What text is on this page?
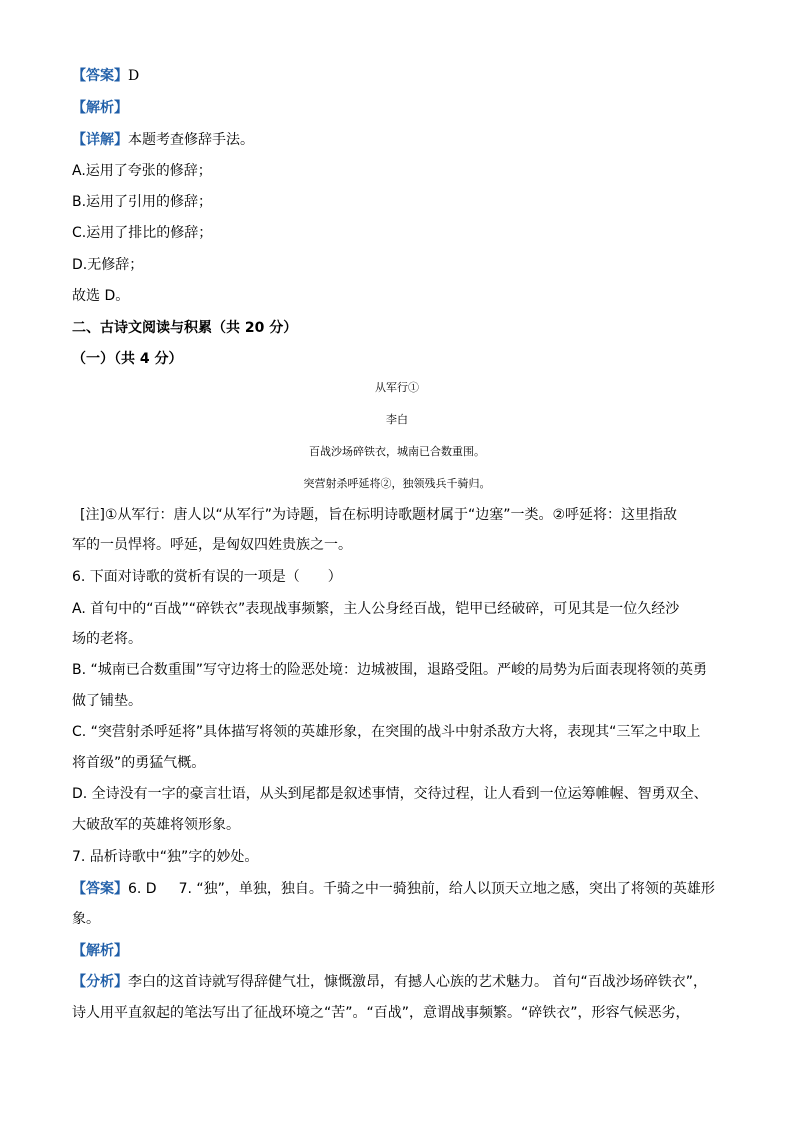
【答案】D
【解析】
【详解】本题考查修辞手法。
A.运用了夸张的修辞；
B.运用了引用的修辞；
C.运用了排比的修辞；
D.无修辞；
故选 D。
二、古诗文阅读与积累（共 20 分）
（一）（共 4 分）
从军行①
李白
百战沙场碎铁衣，城南已合数重围。
突营射杀呼延将②，独领残兵千骑归。
[注]①从军行：唐人以“从军行”为诗题，旨在标明诗歌题材属于“边塞”一类。②呼延将：这里指敌
军的一员悍将。呼延，是匈奴四姓贵族之一。
6. 下面对诗歌的赏析有误的一项是（　　）
A. 首句中的“百战”“碎铁衣”表现战事频繁，主人公身经百战，铠甲已经破碎，可见其是一位久经沙
场的老将。
B. “城南已合数重围”写守边将士的险恶处境：边城被围，退路受阻。严峻的局势为后面表现将领的英勇
做了铺垫。
C. “突营射杀呼延将”具体描写将领的英雄形象，在突围的战斗中射杀敌方大将，表现其“三军之中取上
将首级”的勇猛气概。
D. 全诗没有一字的豪言壮语，从头到尾都是叙述事情，交待过程，让人看到一位运筹帷幄、智勇双全、
大破敌军的英雄将领形象。
7. 品析诗歌中“独”字的妙处。
【答案】6. D 7. “独”，单独，独自。千骑之中一骑独前，给人以顶天立地之感，突出了将领的英雄形
象。
【解析】
【分析】李白的这首诗就写得辞健气壮，慷慨激昂，有撼人心族的艺术魅力。 首句“百战沙场碎铁衣”，
诗人用平直叙起的笔法写出了征战环境之“苦”。“百战”，意谓战事频繁。“碎铁衣”，形容气候恶劣，
